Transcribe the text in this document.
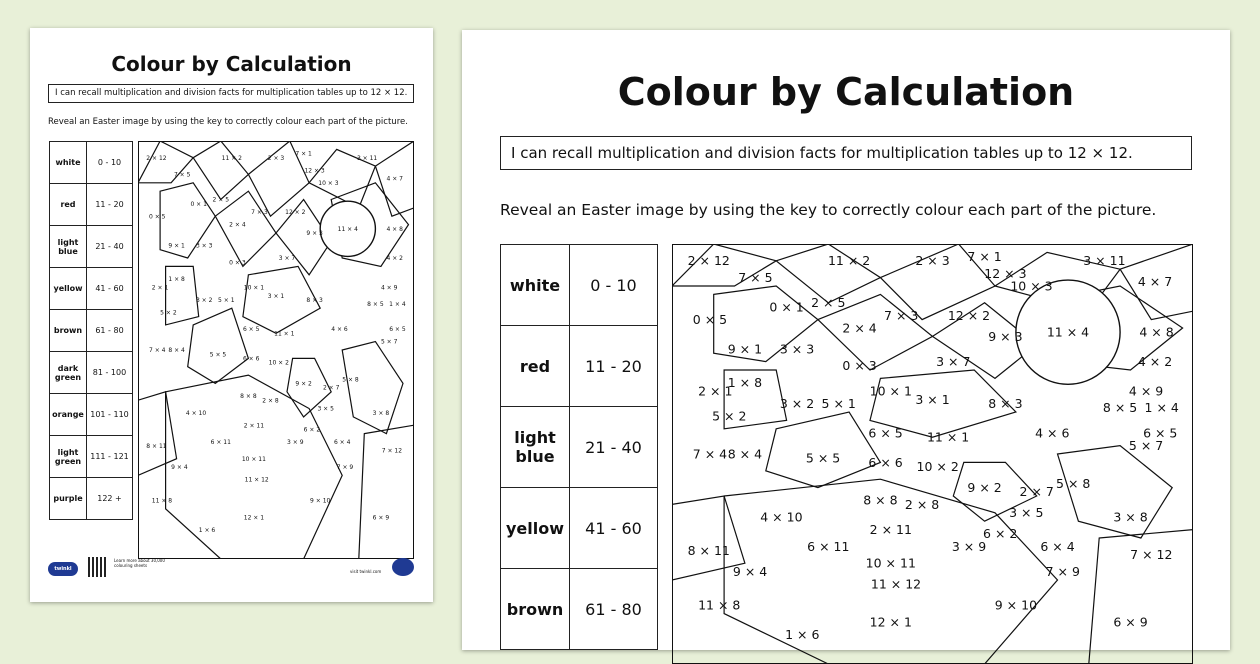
Colour by Calculation
I can recall multiplication and division facts for multiplication tables up to 12 × 12.
Reveal an Easter image by using the key to correctly colour each part of the picture.
white	0 - 10
red	11 - 20
light blue	21 - 40
yellow	41 - 60
brown	61 - 80
dark green	81 - 100
orange	101 - 110
light green	111 - 121
purple	122 +
2 × 12
7 × 5
11 × 2	2 × 3
7 × 1
12 × 3
10 × 3
3 × 11
4 × 7
0 × 1
2 × 5
2 × 4
7 × 3	12 × 2
9 × 3
11 × 4	4 × 8
0 × 5
9 × 1 3 × 3
0 × 3
3 × 7	4 × 2
2 × 1
1 × 8
10 × 1	4 × 9
1 × 4
3 × 2 5 × 1
3 × 1
8 × 3
8 × 5
5 × 2
6 × 5
11 × 1
4 × 6	6 × 5
7 × 4 8 × 4
5 × 5
6 × 6
10 × 2
5 × 7
9 × 2
2 × 7
5 × 8
8 × 8
2 × 8
3 × 5
3 × 8
4 × 10
2 × 11
6 × 2
8 × 11
6 × 11	3 × 9	6 × 4
7 × 12
9 × 4
10 × 11
7 × 9
11 × 12
11 × 8	9 × 10
1 × 6
12 × 1	6 × 9
twinkl
Learn more about 30,000 colouring sheets
visit twinkl.com
Colour by Calculation
I can recall multiplication and division facts for multiplication tables up to 12 × 12.
Reveal an Easter image by using the key to correctly colour each part of the picture.
white	0 - 10
red	11 - 20
light blue	21 - 40
yellow	41 - 60
brown	61 - 80
2 × 12
7 × 5
11 × 2	2 × 3 7 × 1
12 × 3
10 × 3
3 × 11
4 × 7
0 × 1 2 × 5
2 × 4
7 × 3 12 × 2
9 × 3 11 × 4	4 × 8
0 × 5
9 × 1 3 × 3
0 × 3	3 × 7	4 × 2
2 × 1
1 × 8
10 × 1	4 × 9
1 × 4
3 × 2 5 × 1	3 × 1	8 × 3	8 × 5
5 × 2
6 × 5 11 × 1	4 × 6	6 × 5
7 × 4 8 × 4	5 × 5 6 × 6 10 × 2
5 × 7
9 × 2 2 × 7
5 × 8
8 × 8 2 × 8
3 × 5	3 × 8
4 × 10
2 × 11	6 × 2
8 × 11	6 × 11	3 × 9	6 × 4
7 × 12
9 × 4
10 × 11
7 × 9
11 × 12
11 × 8	9 × 10
1 × 6
12 × 1	6 × 9
